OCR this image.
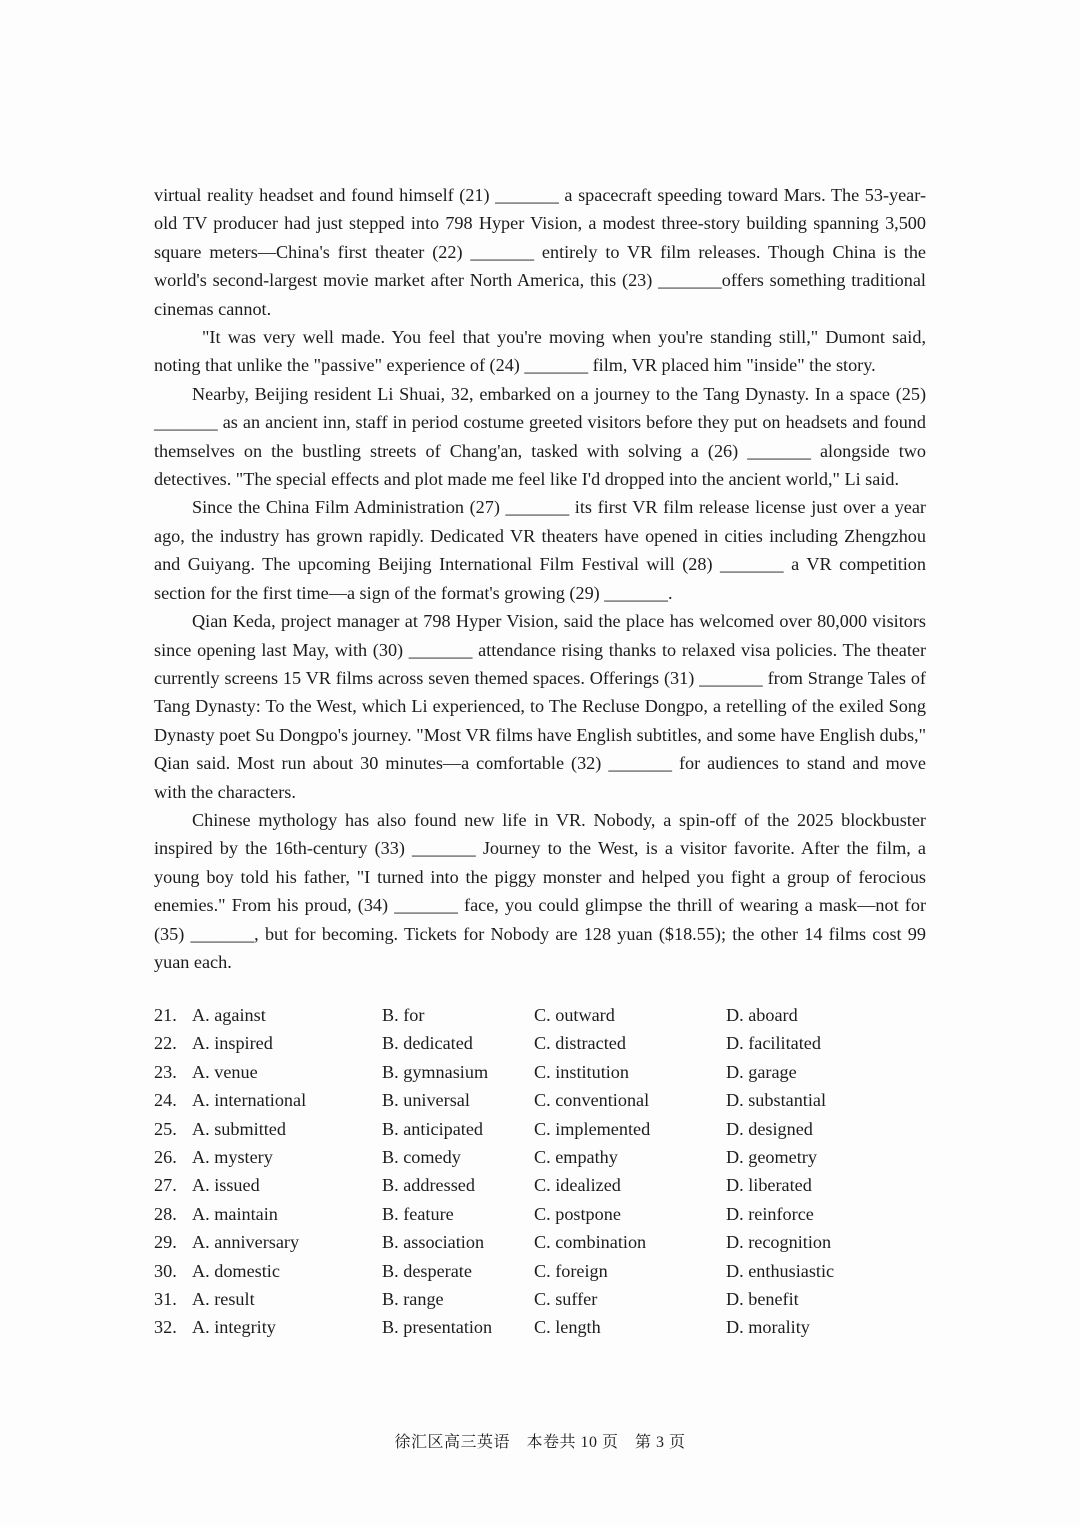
virtual reality headset and found himself (21) _______ a spacecraft speeding toward Mars. The 53-year-old TV producer had just stepped into 798 Hyper Vision, a modest three-story building spanning 3,500 square meters—China's first theater (22) _______ entirely to VR film releases. Though China is the world's second-largest movie market after North America, this (23) _______offers something traditional cinemas cannot.

"It was very well made. You feel that you're moving when you're standing still," Dumont said, noting that unlike the "passive" experience of (24) _______ film, VR placed him "inside" the story.

Nearby, Beijing resident Li Shuai, 32, embarked on a journey to the Tang Dynasty. In a space (25) _______ as an ancient inn, staff in period costume greeted visitors before they put on headsets and found themselves on the bustling streets of Chang'an, tasked with solving a (26) _______ alongside two detectives. "The special effects and plot made me feel like I'd dropped into the ancient world," Li said.

Since the China Film Administration (27) _______ its first VR film release license just over a year ago, the industry has grown rapidly. Dedicated VR theaters have opened in cities including Zhengzhou and Guiyang. The upcoming Beijing International Film Festival will (28) _______ a VR competition section for the first time—a sign of the format's growing (29) _______.

Qian Keda, project manager at 798 Hyper Vision, said the place has welcomed over 80,000 visitors since opening last May, with (30) _______ attendance rising thanks to relaxed visa policies. The theater currently screens 15 VR films across seven themed spaces. Offerings (31) _______ from Strange Tales of Tang Dynasty: To the West, which Li experienced, to The Recluse Dongpo, a retelling of the exiled Song Dynasty poet Su Dongpo's journey. "Most VR films have English subtitles, and some have English dubs," Qian said. Most run about 30 minutes—a comfortable (32) _______ for audiences to stand and move with the characters.

Chinese mythology has also found new life in VR. Nobody, a spin-off of the 2025 blockbuster inspired by the 16th-century (33) _______ Journey to the West, is a visitor favorite. After the film, a young boy told his father, "I turned into the piggy monster and helped you fight a group of ferocious enemies." From his proud, (34) _______ face, you could glimpse the thrill of wearing a mask—not for (35) _______, but for becoming. Tickets for Nobody are 128 yuan ($18.55); the other 14 films cost 99 yuan each.

21. A. against	B. for	C. outward	D. aboard
22. A. inspired	B. dedicated	C. distracted	D. facilitated
23. A. venue	B. gymnasium	C. institution	D. garage
24. A. international	B. universal	C. conventional	D. substantial
25. A. submitted	B. anticipated	C. implemented	D. designed
26. A. mystery	B. comedy	C. empathy	D. geometry
27. A. issued	B. addressed	C. idealized	D. liberated
28. A. maintain	B. feature	C. postpone	D. reinforce
29. A. anniversary	B. association	C. combination	D. recognition
30. A. domestic	B. desperate	C. foreign	D. enthusiastic
31. A. result	B. range	C. suffer	D. benefit
32. A. integrity	B. presentation C. length	D. morality
徐汇区高三英语 本卷共 10 页 第 3 页
